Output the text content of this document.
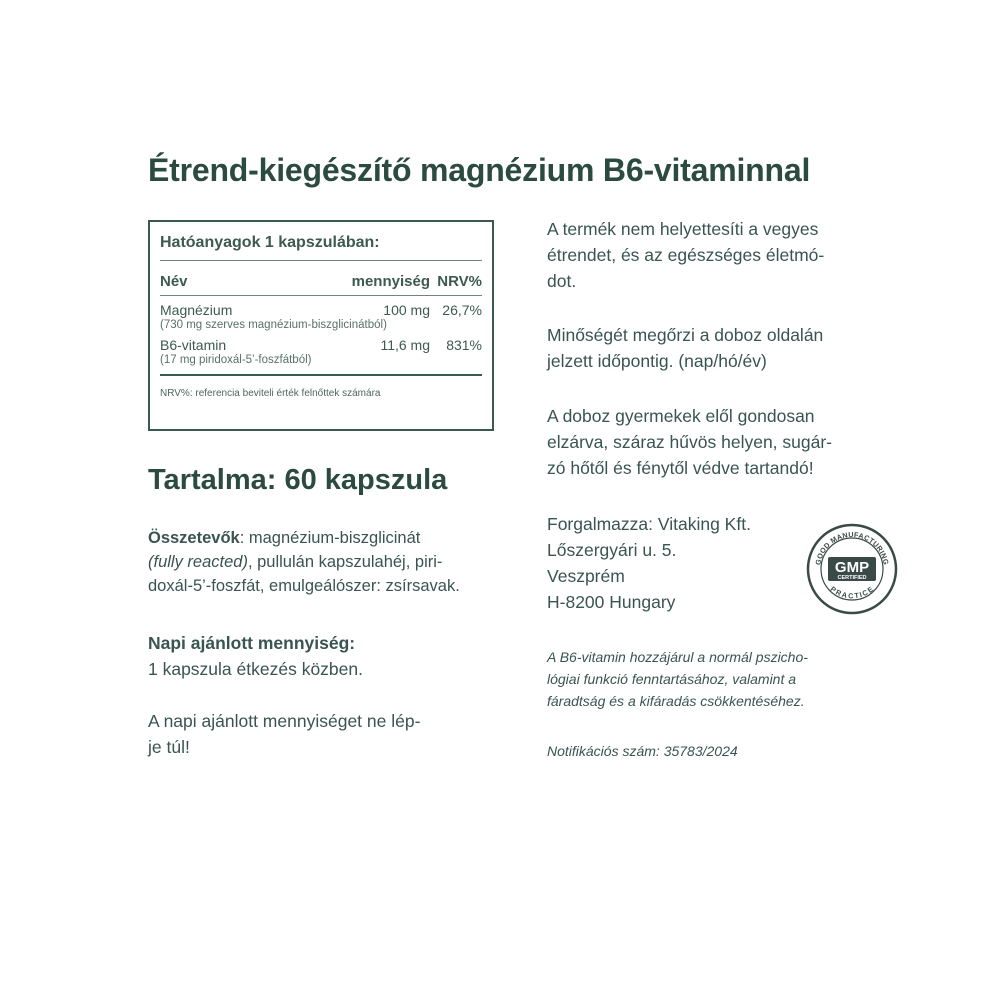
Étrend-kiegészítő magnézium B6-vitaminnal
Hatóanyagok 1 kapszulában:
Név	mennyiség NRV%
Magnézium	100 mg 26,7%
(730 mg szerves magnézium-biszglicinátból)
B6-vitamin	11,6 mg	831%
(17 mg piridoxál-5’-foszfátból)
NRV%: referencia beviteli érték felnőttek számára
Tartalma: 60 kapszula

Összetevők: magnézium-biszglicinát
(fully reacted), pullulán kapszulahéj, piri-
doxál-5’-foszfát, emulgeálószer: zsírsavak.

Napi ajánlott mennyiség:
1 kapszula étkezés közben.

A napi ajánlott mennyiséget ne lép-
je túl!

A termék nem helyettesíti a vegyes
étrendet, és az egészséges életmó-
dot.

Minőségét megőrzi a doboz oldalán
jelzett időpontig. (nap/hó/év)

A doboz gyermekek elől gondosan
elzárva, száraz hűvös helyen, sugár-
zó hőtől és fénytől védve tartandó!

Forgalmazza: Vitaking Kft.
Lőszergyári u. 5.
Veszprém
H-8200 Hungary

GOOD MANUFACTURING
PRACTICE
GMP
CERTIFIED

A B6-vitamin hozzájárul a normál pszicho-
lógiai funkció fenntartásához, valamint a
fáradtság és a kifáradás csökkentéséhez.

Notifikációs szám: 35783/2024
